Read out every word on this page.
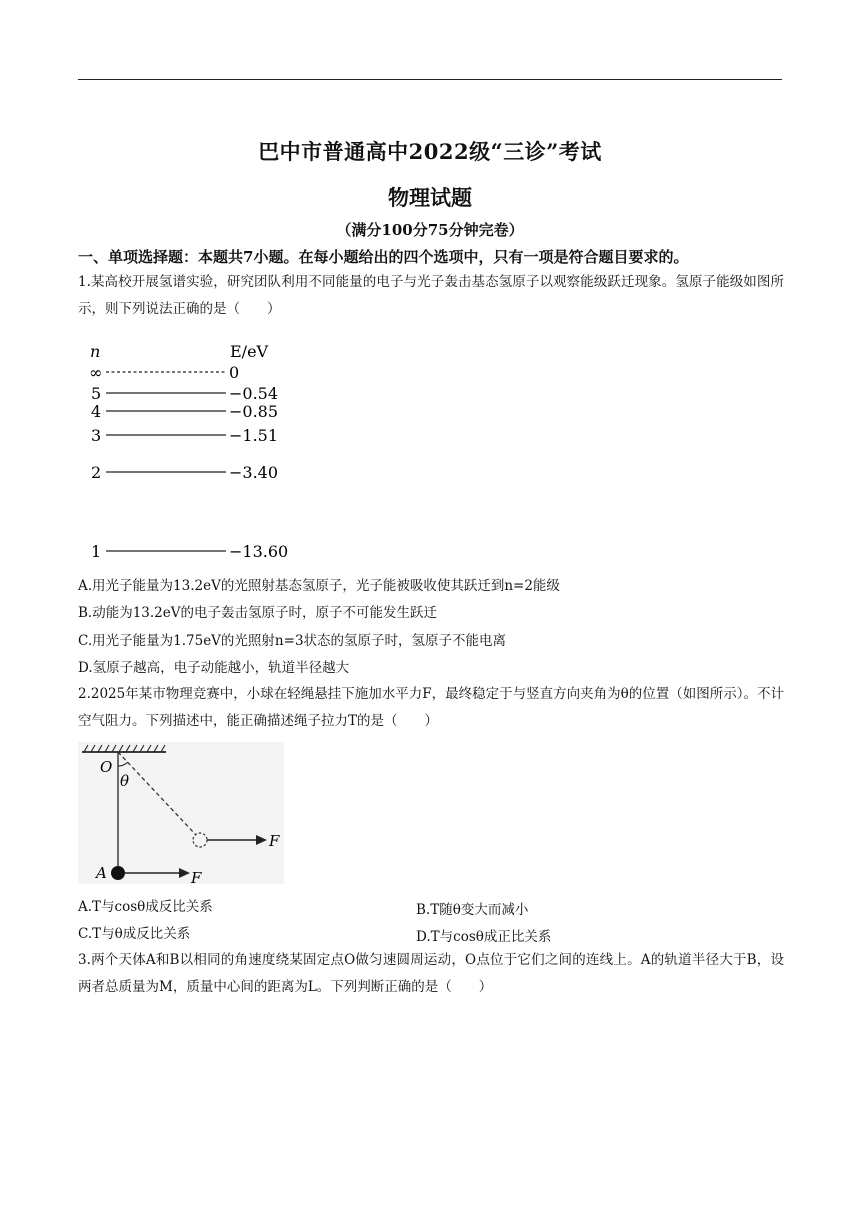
巴中市普通高中2022级“三诊”考试
物理试题
（满分100分75分钟完卷）
一、单项选择题：本题共7小题。在每小题给出的四个选项中，只有一项是符合题目要求的。
1.某高校开展氢谱实验，研究团队利用不同能量的电子与光子轰击基态氢原子以观察能级跃迁现象。氢原子能级如图所示，则下列说法正确的是（　　）
n	E/eV
∞	0
5	−0.54
4	−0.85
3	−1.51
2	−3.40
1	−13.60
A.用光子能量为13.2eV的光照射基态氢原子，光子能被吸收使其跃迁到n=2能级
B.动能为13.2eV的电子轰击氢原子时，原子不可能发生跃迁
C.用光子能量为1.75eV的光照射n=3状态的氢原子时，氢原子不能电离
D.氢原子越高，电子动能越小，轨道半径越大
2.2025年某市物理竞赛中，小球在轻绳悬挂下施加水平力F，最终稳定于与竖直方向夹角为θ的位置（如图所示）。不计空气阻力。下列描述中，能正确描述绳子拉力T的是（　　）
O
θ
F
A	F
A.T与cosθ成反比关系	B.T随θ变大而减小
C.T与θ成反比关系	D.T与cosθ成正比关系
3.两个天体A和B以相同的角速度绕某固定点O做匀速圆周运动，O点位于它们之间的连线上。A的轨道半径大于B，设两者总质量为M，质量中心间的距离为L。下列判断正确的是（　　）
